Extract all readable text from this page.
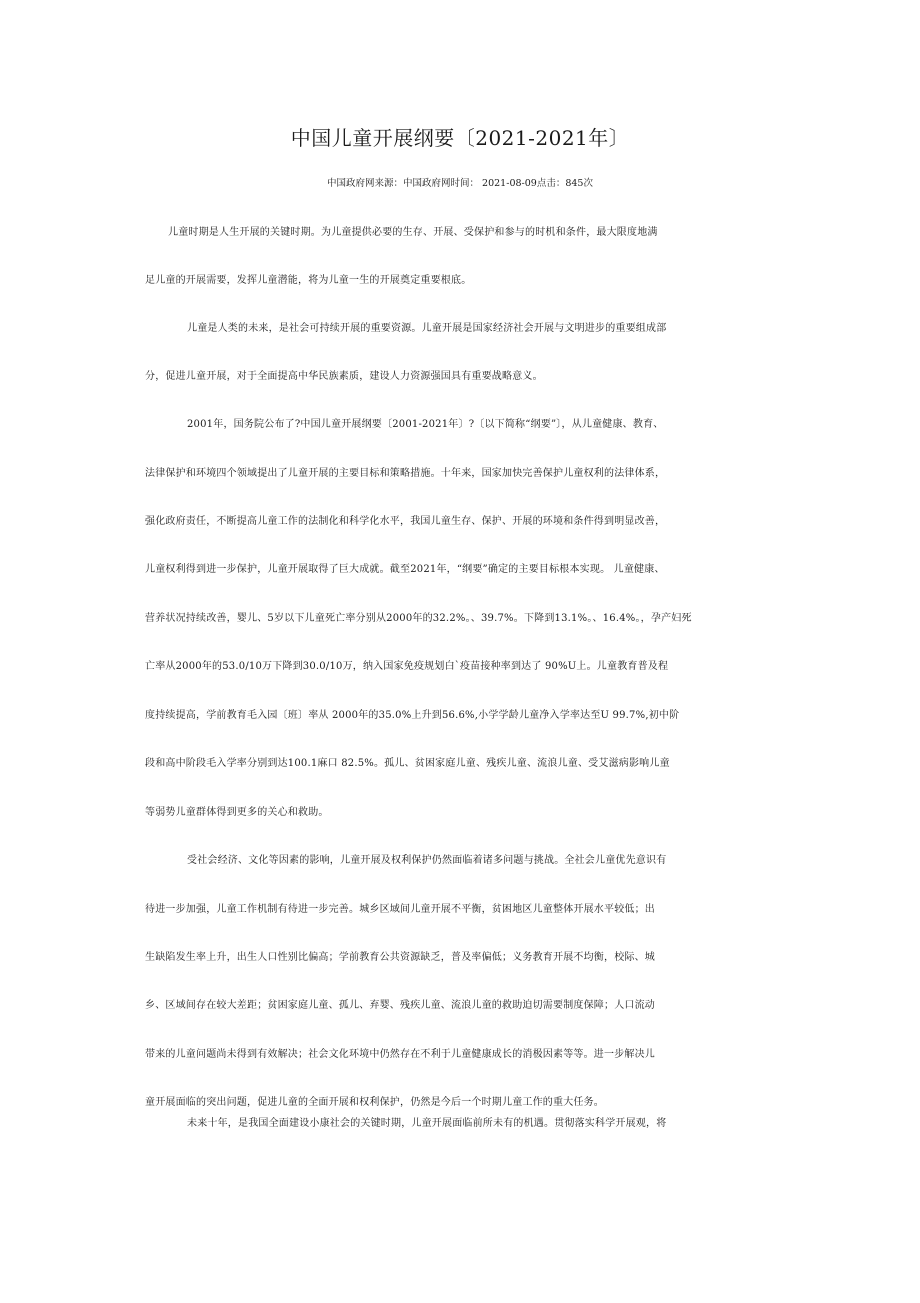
中国儿童开展纲要〔2021-2021年〕
中国政府网来源：中国政府网时间： 2021-08-09点击：845次
儿童时期是人生开展的关键时期。为儿童提供必要的生存、开展、受保护和参与的时机和条件，最大限度地满
足儿童的开展需要，发挥儿童潜能，将为儿童一生的开展奠定重要根底。
儿童是人类的未来，是社会可持续开展的重要资源。儿童开展是国家经济社会开展与文明进步的重要组成部
分，促进儿童开展，对于全面提高中华民族素质，建设人力资源强国具有重要战略意义。
2001年，国务院公布了?中国儿童开展纲要〔2001-2021年〕?〔以下简称“纲要”〕，从儿童健康、教育、
法律保护和环境四个领域提出了儿童开展的主要目标和策略措施。十年来，国家加快完善保护儿童权利的法律体系，
强化政府责任，不断提高儿童工作的法制化和科学化水平，我国儿童生存、保护、开展的环境和条件得到明显改善，
儿童权利得到进一步保护，儿童开展取得了巨大成就。截至2021年，“纲要”确定的主要目标根本实现。 儿童健康、
营养状况持续改善，婴儿、5岁以下儿童死亡率分别从2000年的32.2%。、39.7%。下降到13.1%。、16.4%。，孕产妇死
亡率从2000年的53.0/10万下降到30.0/10万，纳入国家免疫规划白`疫苗接种率到达了 90%U上。儿童教育普及程
度持续提高，学前教育毛入园〔班〕率从 2000年的35.0%上升到56.6%,小学学龄儿童净入学率达至U 99.7%,初中阶
段和高中阶段毛入学率分别到达100.1麻口 82.5%。孤儿、贫困家庭儿童、残疾儿童、流浪儿童、受艾滋病影响儿童
等弱势儿童群体得到更多的关心和救助。
受社会经济、文化等因素的影响，儿童开展及权利保护仍然面临着诸多问题与挑战。全社会儿童优先意识有
待进一步加强，儿童工作机制有待进一步完善。城乡区域间儿童开展不平衡，贫困地区儿童整体开展水平较低；出
生缺陷发生率上升，出生人口性别比偏高；学前教育公共资源缺乏，普及率偏低；义务教育开展不均衡，校际、城
乡、区域间存在较大差距；贫困家庭儿童、孤儿、弃婴、残疾儿童、流浪儿童的救助迫切需要制度保障；人口流动
带来的儿童问题尚未得到有效解决；社会文化环境中仍然存在不利于儿童健康成长的消极因素等等。进一步解决儿
童开展面临的突出问题，促进儿童的全面开展和权利保护，仍然是今后一个时期儿童工作的重大任务。
未来十年，是我国全面建设小康社会的关键时期，儿童开展面临前所未有的机遇。贯彻落实科学开展观，将
